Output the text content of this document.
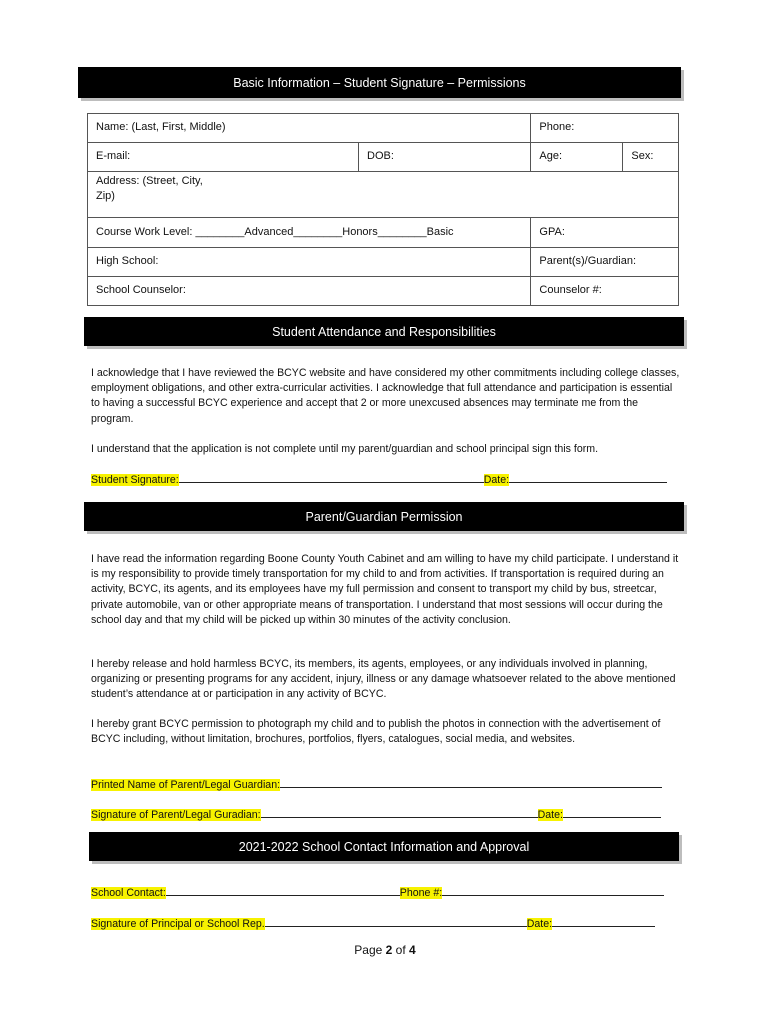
Basic Information – Student Signature – Permissions
Name: (Last, First, Middle)		Phone:	
E-mail:	DOB:	Age:	Sex:

Address: (Street, City,
Zip)			

Course Work Level: ________Advanced________Honors________Basic		GPA:	
High School:		Parent(s)/Guardian:	
School Counselor:		Counselor #:	
Student Attendance and Responsibilities

I acknowledge that I have reviewed the BCYC website and have considered my other commitments including college classes, employment obligations, and other extra-curricular activities. I acknowledge that full attendance and participation is essential to having a successful BCYC experience and accept that 2 or more unexcused absences may terminate me from the program.

I understand that the application is not complete until my parent/guardian and school principal sign this form.

Student Signature:	Date:
Parent/Guardian Permission

I have read the information regarding Boone County Youth Cabinet and am willing to have my child participate. I understand it is my responsibility to provide timely transportation for my child to and from activities. If transportation is required during an activity, BCYC, its agents, and its employees have my full permission and consent to transport my child by bus, streetcar, private automobile, van or other appropriate means of transportation. I understand that most sessions will occur during the school day and that my child will be picked up within 30 minutes of the activity conclusion.

I hereby release and hold harmless BCYC, its members, its agents, employees, or any individuals involved in planning, organizing or presenting programs for any accident, injury, illness or any damage whatsoever related to the above mentioned student’s attendance at or participation in any activity of BCYC.

I hereby grant BCYC permission to photograph my child and to publish the photos in connection with the advertisement of BCYC including, without limitation, brochures, portfolios, flyers, catalogues, social media, and websites.

Printed Name of Parent/Legal Guardian:
Signature of Parent/Legal Guradian:	Date:
2021-2022 School Contact Information and Approval
School Contact:	Phone #:
Signature of Principal or School Rep.	Date:
Page 2 of 4
